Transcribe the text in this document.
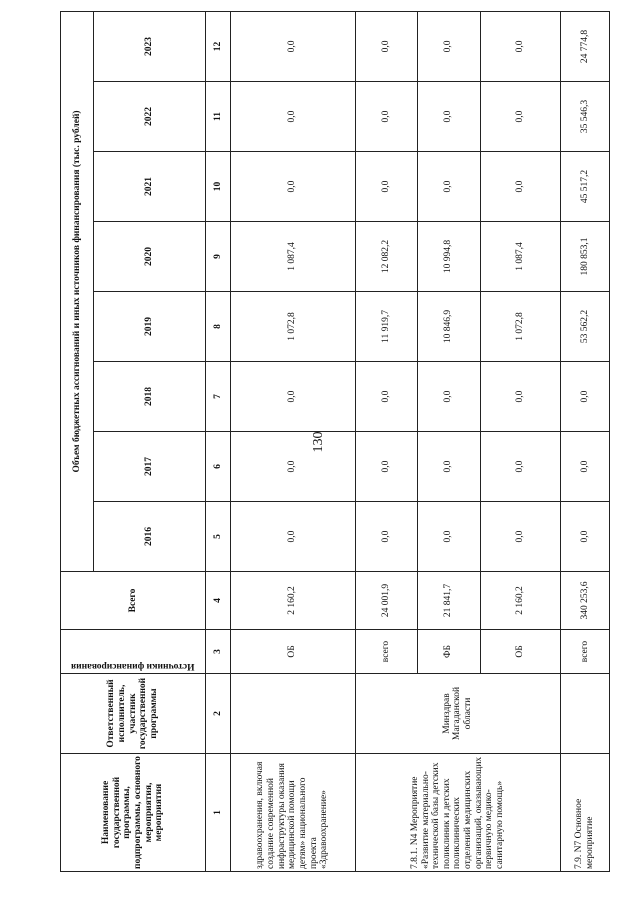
130
Наименование государственной программы, подпрограммы, основного мероприятия, мероприятия	Ответственный исполнитель, участник государственной программы	Источники финансирования	Всего	Объем бюджетных ассигнований и иных источников финансирования (тыс. рублей)							
				2016	2017	2018	2019	2020	2021	2022	2023
1	2	3	4	5	6	7	8	9	10	11	12
здравоохранения, включая создание современной инфраструктуры оказания медицинской помощи детям» национального проекта «Здравоохранение»		ОБ	2 160,2	0,0	0,0	0,0	1 072,8	1 087,4	0,0	0,0	0,0
7.8.1. N4 Мероприятие «Развитие материально-технической базы детских поликлиник и детских поликлинических отделений медицинских организаций, оказывающих первичную медико-санитарную помощь»	Минздрав Магаданской области	всего	24 001,9	0,0	0,0	0,0	11 919,7	12 082,2	0,0	0,0	0,0
		ФБ	21 841,7	0,0	0,0	0,0	10 846,9	10 994,8	0,0	0,0	0,0
		ОБ	2 160,2	0,0	0,0	0,0	1 072,8	1 087,4	0,0	0,0	0,0
7.9. N7 Основное мероприятие		всего	340 253,6	0,0	0,0	0,0	53 562,2	180 853,1	45 517,2	35 546,3	24 774,8
